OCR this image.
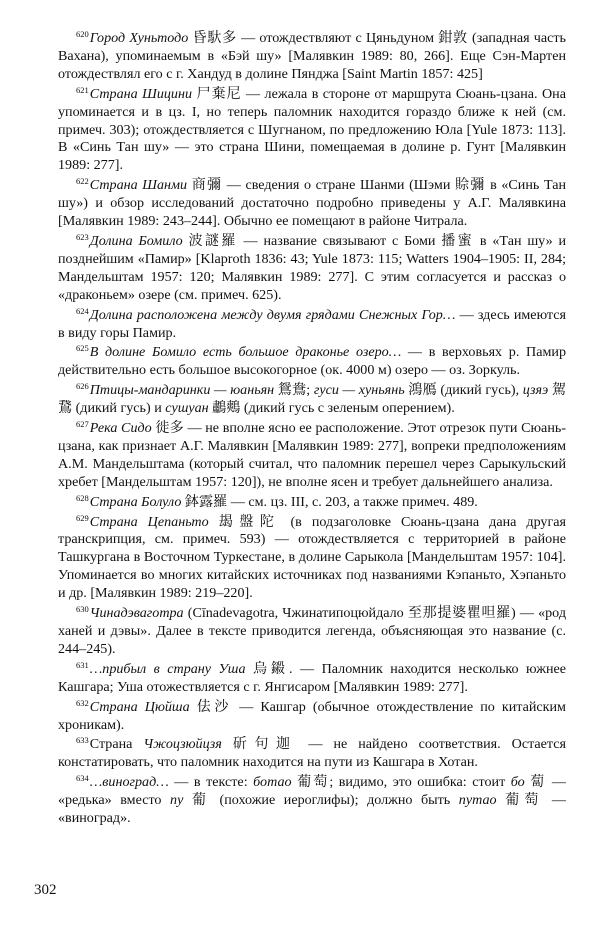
$^{620}$Город Хуньтодо 昏馱多 — отождествляют с Цяньдуном 鉗敦 (западная часть Вахана), упоминаемым в «Бэй шу» [Малявкин 1989: 80, 266]. Еще Сэн-Мартен отождествлял его с г. Хандуд в долине Пянджа [Saint Martin 1857: 425]

$^{621}$Страна Шицини 尸棄尼 — лежала в стороне от маршрута Сюань-цзана. Она упоминается и в цз. I, но теперь паломник находится гораздо ближе к ней (см. примеч. 303); отождествляется с Шугнаном, по предложению Юла [Yule 1873: 113]. В «Синь Тан шу» — это страна Шини, помещаемая в долине р. Гунт [Малявкин 1989: 277].

$^{622}$Страна Шанми 商彌 — сведения о стране Шанми (Шэми 賒彌 в «Синь Тан шу») и обзор исследований достаточно подробно приведены у А.Г. Малявкина [Малявкин 1989: 243–244]. Обычно ее помещают в районе Читрала.

$^{623}$Долина Бомило 波謎羅 — название связывают с Боми 播蜜 в «Тан шу» и позднейшим «Памир» [Klaproth 1836: 43; Yule 1873: 115; Watters 1904–1905: II, 284; Мандельштам 1957: 120; Малявкин 1989: 277]. С этим согласуется и рассказ о «драконьем» озере (см. примеч. 625).

$^{624}$Долина расположена между двумя грядами Снежных Гор… — здесь имеются в виду горы Памир.

$^{625}$В долине Бомило есть большое драконье озеро… — в верховьях р. Памир действительно есть большое высокогорное (ок. 4000 м) озеро — оз. Зоркуль.

$^{626}$Птицы-мандаринки — юаньян 鴛鴦; гуси — хуньянь 鴻鴈 (дикий гусь), цзяэ 駕鵞 (дикий гусь) и сушуан 鷫鷞 (дикий гусь с зеленым оперением).

$^{627}$Река Сидо 徙多 — не вполне ясно ее расположение. Этот отрезок пути Сюань-цзана, как признает А.Г. Малявкин [Малявкин 1989: 277], вопреки предположениям А.М. Мандельштама (который считал, что паломник перешел через Сарыкульский хребет [Мандельштам 1957: 120]), не вполне ясен и требует дальнейшего анализа.

$^{628}$Страна Болуло 鉢露羅 — см. цз. III, с. 203, а также примеч. 489.

$^{629}$Страна Цепаньто 朅盤陀 (в подзаголовке Сюань-цзана дана другая транскрипция, см. примеч. 593) — отождествляется с территорией в районе Ташкургана в Восточном Туркестане, в долине Сарыкола [Мандельштам 1957: 104]. Упоминается во многих китайских источниках под названиями Кэпаньто, Хэпаньто и др. [Малявкин 1989: 219–220].

$^{630}$Чинадэваготра (Cīnadevagotra, Чжинатипоцюйдало 至那提婆瞿呾羅) — «род ханей и дэвы». Далее в тексте приводится легенда, объясняющая это название (с. 244–245).

$^{631}$…прибыл в страну Уша 烏鎩. — Паломник находится несколько южнее Кашгара; Уша отожествляется с г. Янгисаром [Малявкин 1989: 277].

$^{632}$Страна Цюйша 佉沙 — Кашгар (обычное отождествление по китайским хроникам).

$^{633}$Страна Чжоцзюйцзя 斫句迦 — не найдено соответствия. Остается констатировать, что паломник находится на пути из Кашгара в Хотан.

$^{634}$…виноград… — в тексте: ботао 葡萄; видимо, это ошибка: стоит бо 蔔 — «редька» вместо пу 葡 (похожие иероглифы); должно быть путао 葡萄 — «виноград».

302
